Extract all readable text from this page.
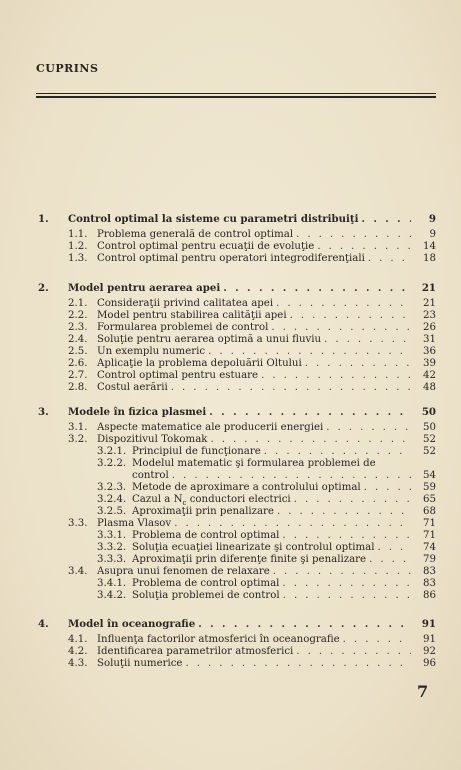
CUPRINS
1.	Control optimal la sisteme cu parametri distribuiţi . . .	9
1.1. Problema generală de control optimal . . .	9
1.2. Control optimal pentru ecuaţii de evoluţie . . .	14
1.3. Control optimal pentru operatori integrodiferenţiali . . .	18
2.	Model pentru aerarea apei . . .	21
2.1. Consideraţii privind calitatea apei . . .	21
2.2. Model pentru stabilirea calităţii apei . . .	23
2.3. Formularea problemei de control . . .	26
2.4. Soluţie pentru aerarea optimă a unui fluviu . . .	31
2.5. Un exemplu numeric . . .	36
2.6. Aplicaţie la problema depoluării Oltului . . .	39
2.7. Control optimal pentru estuare . . .	42
2.8. Costul aerării . . .	48
3.	Modele în fizica plasmei . . .	50
3.1. Aspecte matematice ale producerii energiei . . .	50
3.2. Dispozitivul Tokomak . . .	52
3.2.1. Principiul de funcţionare . . .	52
3.2.2. Modelul matematic şi formularea problemei de
control . . .	54
3.2.3. Metode de aproximare a controlului optimal . . .	59
3.2.4. Cazul a $N_c$ conductori electrici . . .	65
3.2.5. Aproximaţii prin penalizare . . .	68
3.3. Plasma Vlasov . . .	71
3.3.1. Problema de control optimal . . .	71
3.3.2. Soluţia ecuaţiei linearizate şi controlul optimal . . .	74
3.3.3. Aproximaţii prin diferenţe finite şi penalizare . . .	79
3.4. Asupra unui fenomen de relaxare . . .	83
3.4.1. Problema de control optimal . . .	83
3.4.2. Soluţia problemei de control . . .	86
4.	Model în oceanografie . . .	91
4.1. Influenţa factorilor atmosferici în oceanografie . . .	91
4.2. Identificarea parametrilor atmosferici . . .	92
4.3. Soluţii numerice . . .	96
7
